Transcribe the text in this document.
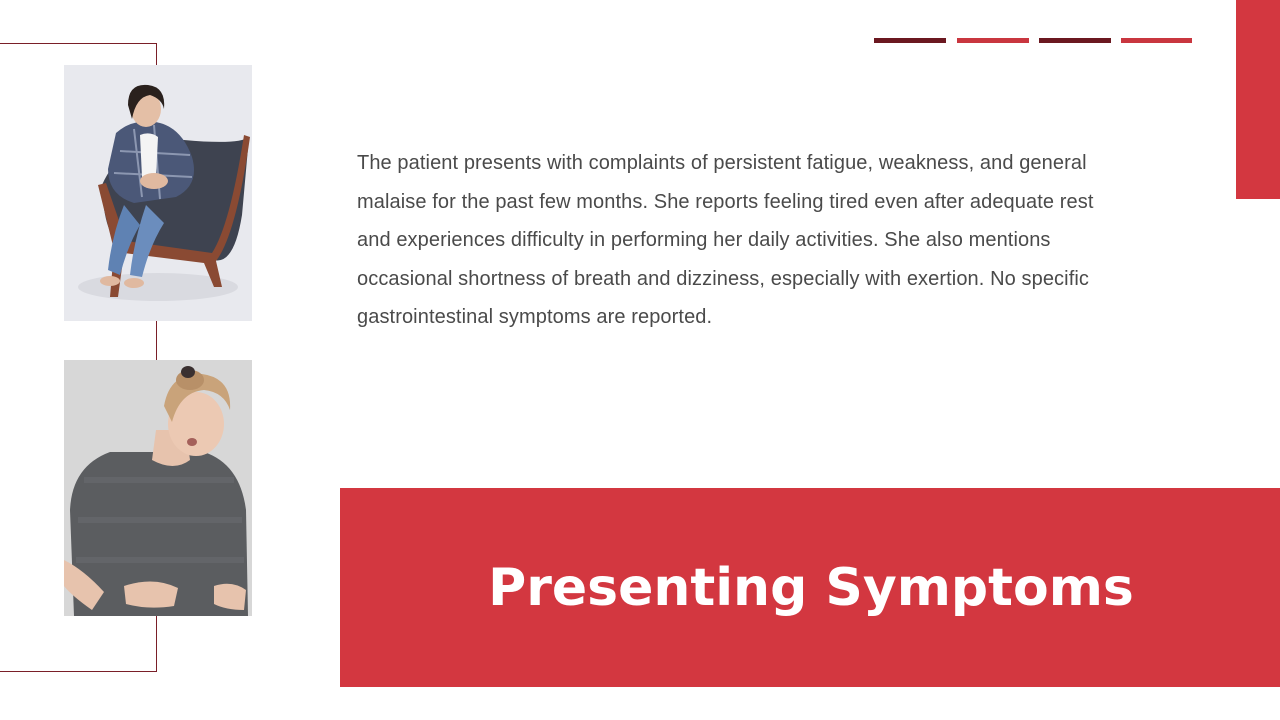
The patient presents with complaints of persistent fatigue, weakness, and general malaise for the past few months. She reports feeling tired even after adequate rest and experiences difficulty in performing her daily activities. She also mentions occasional shortness of breath and dizziness, especially with exertion. No specific gastrointestinal symptoms are reported.

Presenting Symptoms
